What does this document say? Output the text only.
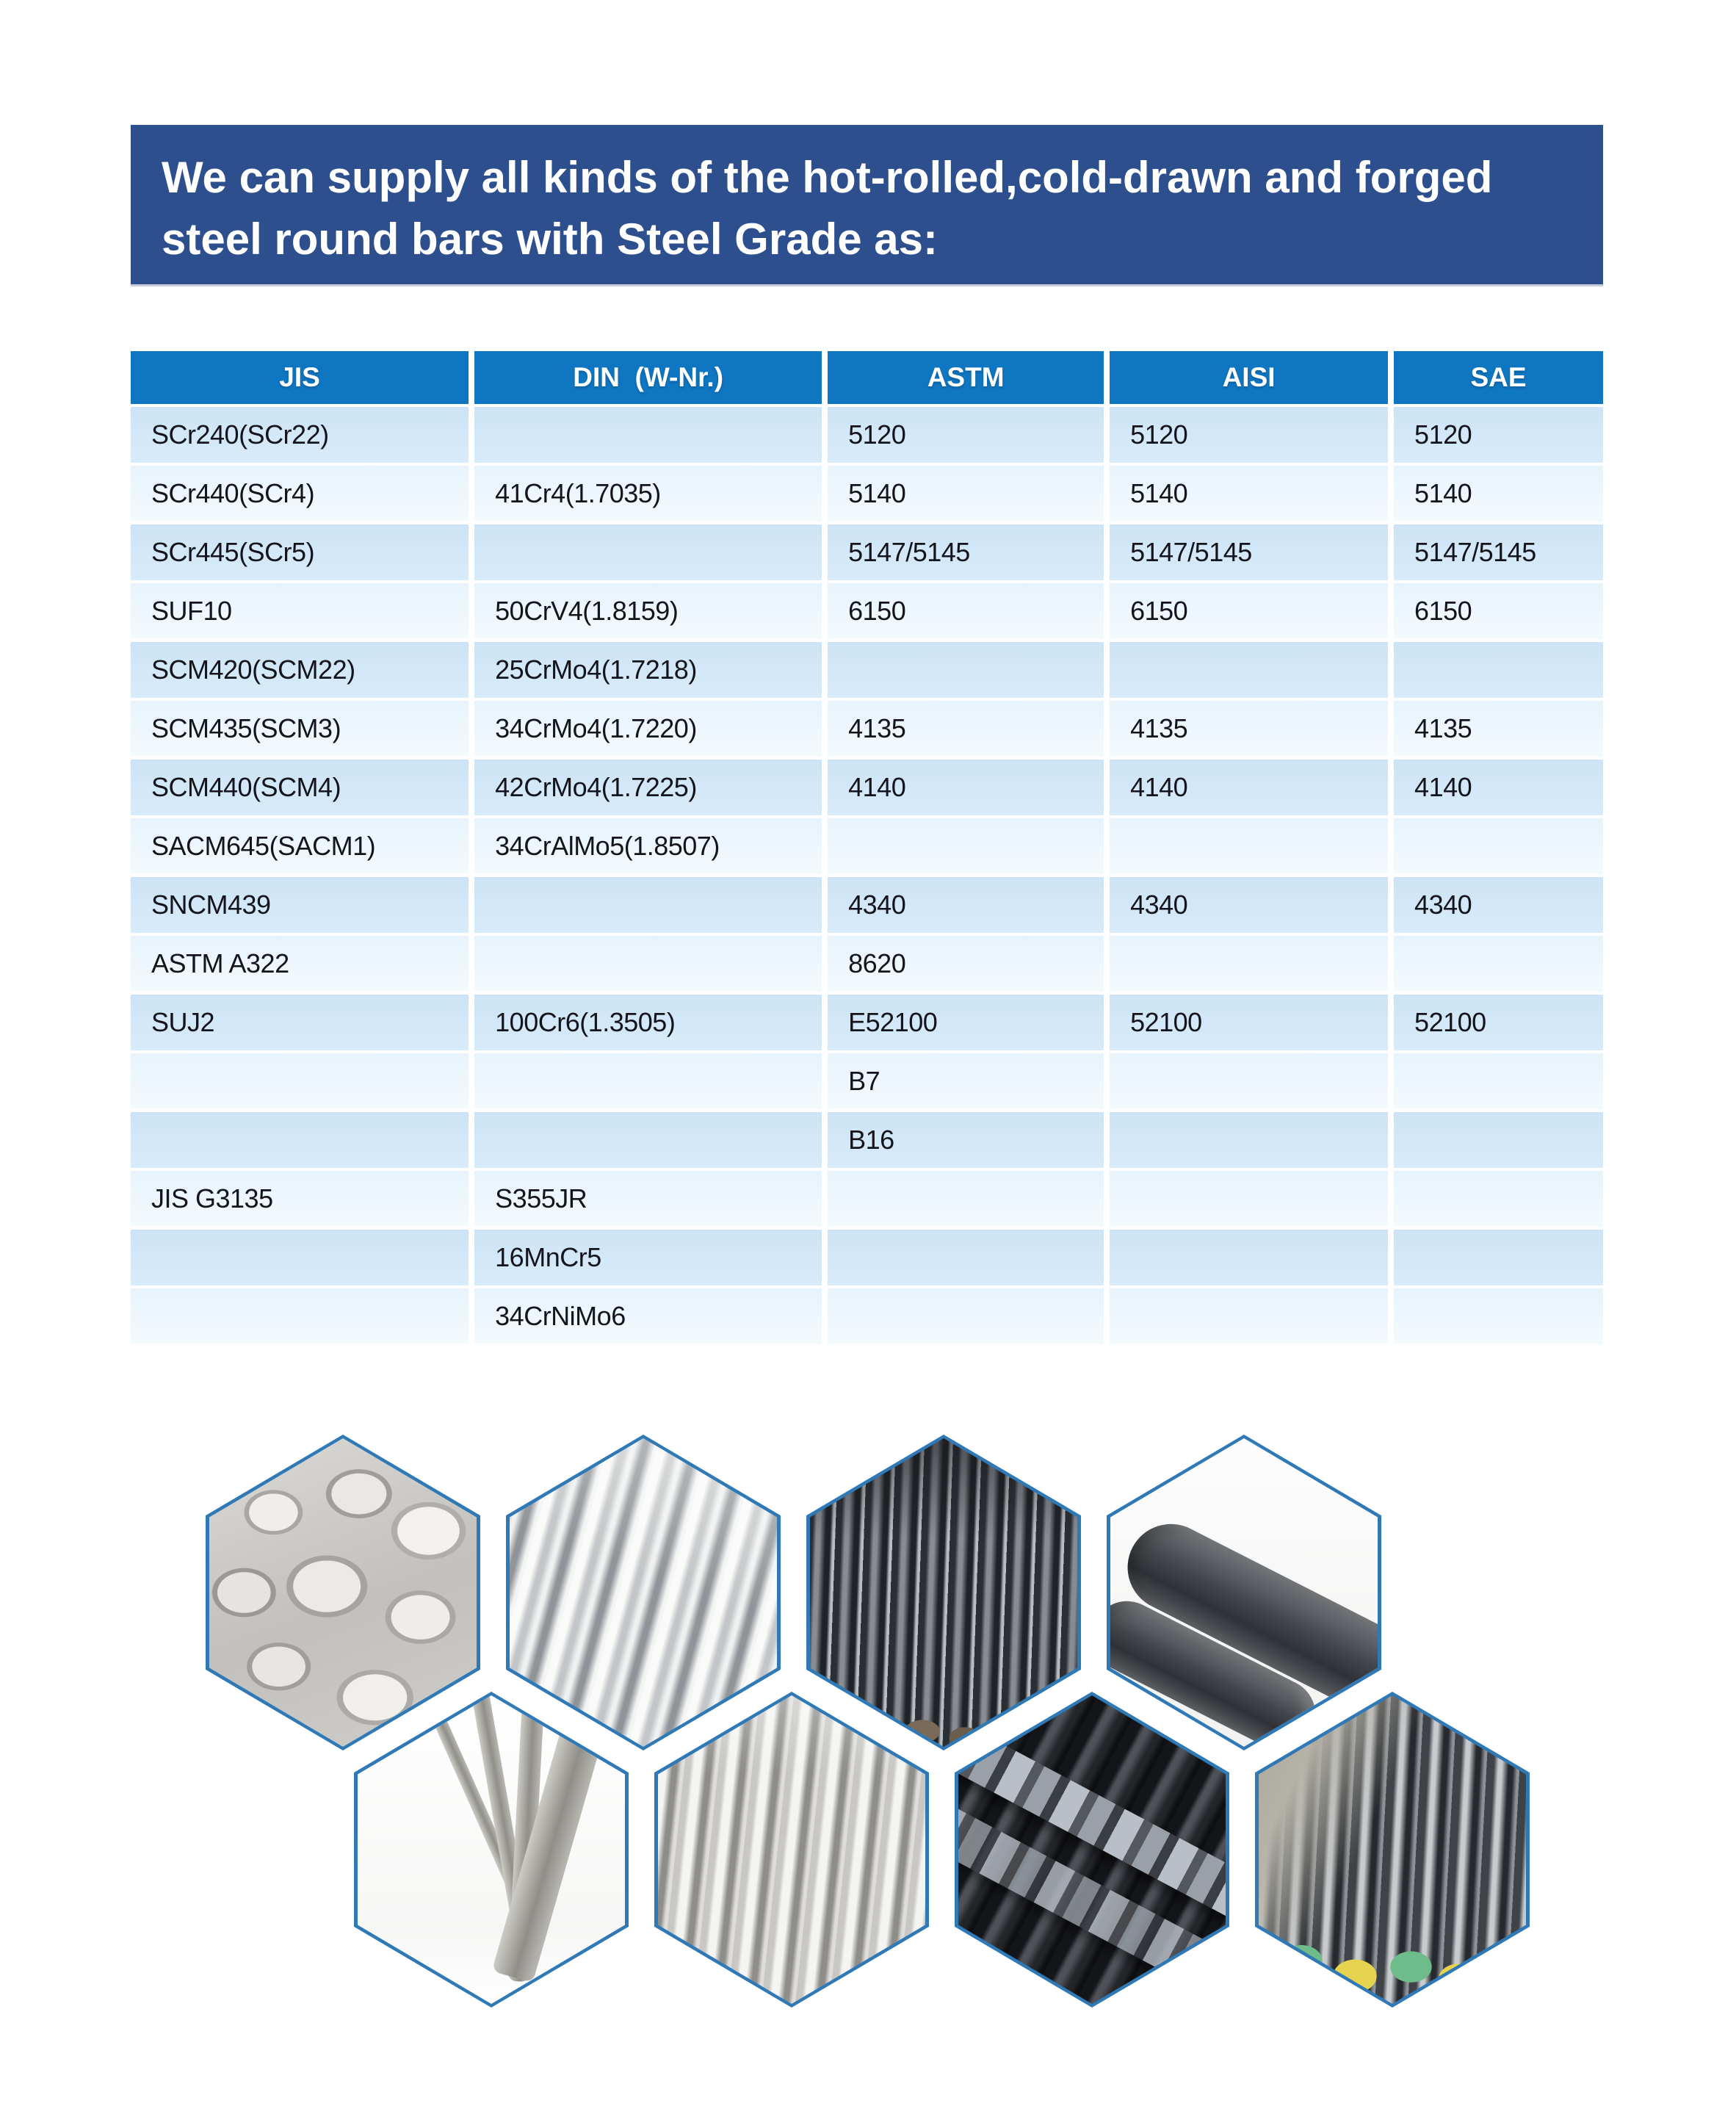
We can supply all kinds of the hot-rolled,cold-drawn and forged
steel round bars with Steel Grade as:
JIS	DIN  (W-Nr.)	ASTM	AISI	SAE
SCr240(SCr22)		5120	5120	5120
SCr440(SCr4)	41Cr4(1.7035)	5140	5140	5140
SCr445(SCr5)		5147/5145	5147/5145	5147/5145
SUF10	50CrV4(1.8159)	6150	6150	6150
SCM420(SCM22)	25CrMo4(1.7218)			
SCM435(SCM3)	34CrMo4(1.7220)	4135	4135	4135
SCM440(SCM4)	42CrMo4(1.7225)	4140	4140	4140
SACM645(SACM1)	34CrAlMo5(1.8507)			
SNCM439		4340	4340	4340
ASTM A322		8620		
SUJ2	100Cr6(1.3505)	E52100	52100	52100
		B7		
		B16		
JIS G3135	S355JR			
	16MnCr5			
	34CrNiMo6			
